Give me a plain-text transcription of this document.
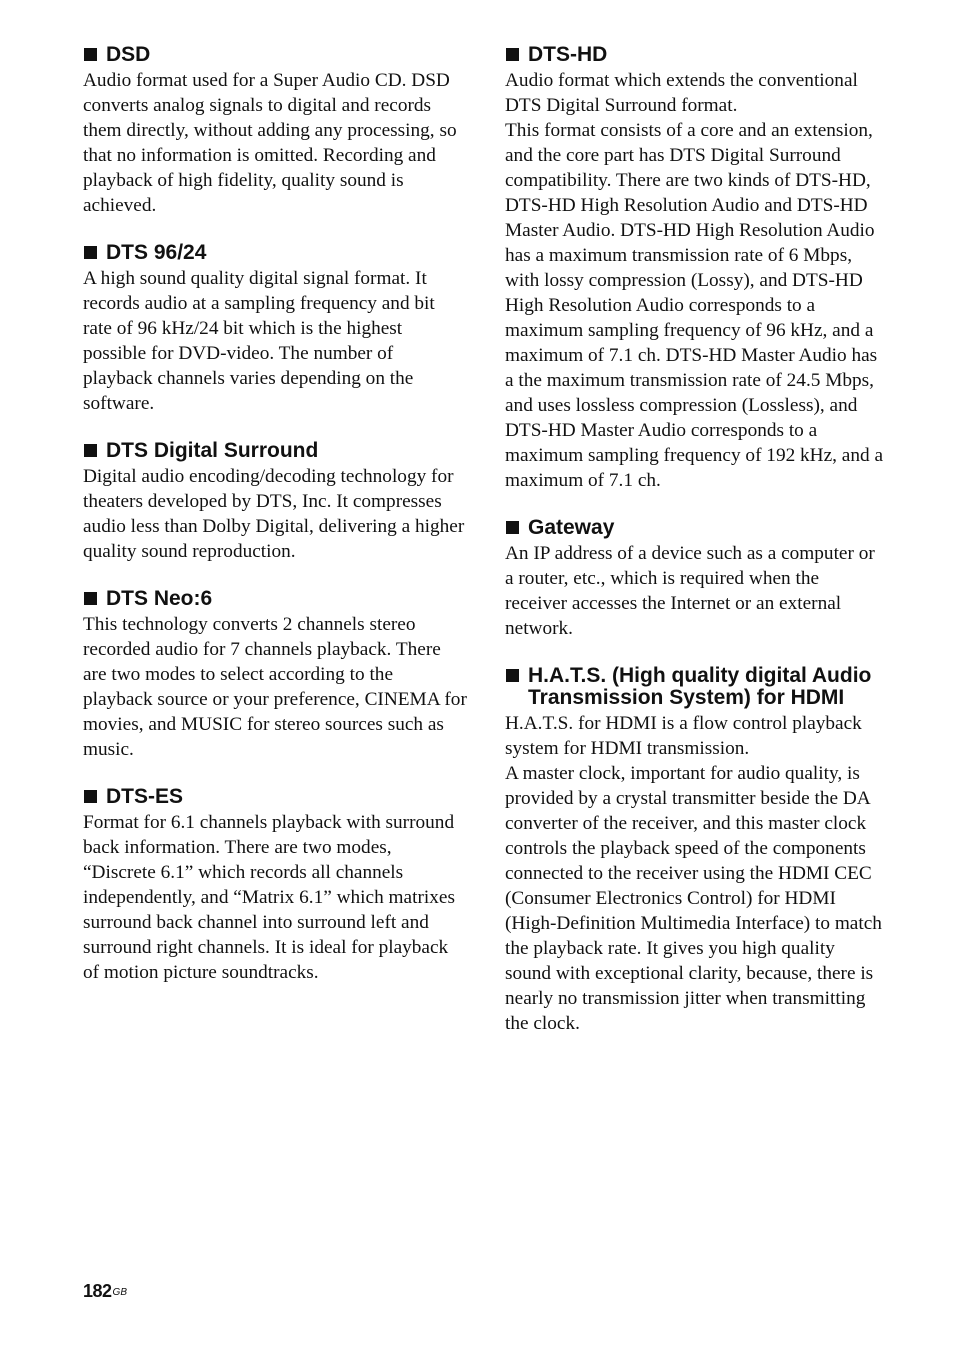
DSD

Audio format used for a Super Audio CD. DSD converts analog signals to digital and records them directly, without adding any processing, so that no information is omitted. Recording and playback of high fidelity, quality sound is achieved.

DTS 96/24

A high sound quality digital signal format. It records audio at a sampling frequency and bit rate of 96 kHz/24 bit which is the highest possible for DVD-video. The number of playback channels varies depending on the software.

DTS Digital Surround

Digital audio encoding/decoding technology for theaters developed by DTS, Inc. It compresses audio less than Dolby Digital, delivering a higher quality sound reproduction.

DTS Neo:6

This technology converts 2 channels stereo recorded audio for 7 channels playback. There are two modes to select according to the playback source or your preference, CINEMA for movies, and MUSIC for stereo sources such as music.

DTS-ES

Format for 6.1 channels playback with surround back information. There are two modes, “Discrete 6.1” which records all channels independently, and “Matrix 6.1” which matrixes surround back channel into surround left and surround right channels. It is ideal for playback of motion picture soundtracks.

DTS-HD

Audio format which extends the conventional DTS Digital Surround format.

This format consists of a core and an extension, and the core part has DTS Digital Surround compatibility. There are two kinds of DTS-HD, DTS-HD High Resolution Audio and DTS-HD Master Audio. DTS-HD High Resolution Audio has a maximum transmission rate of 6 Mbps, with lossy compression (Lossy), and DTS-HD High Resolution Audio corresponds to a maximum sampling frequency of 96 kHz, and a maximum of 7.1 ch. DTS-HD Master Audio has a the maximum transmission rate of 24.5 Mbps, and uses lossless compression (Lossless), and DTS-HD Master Audio corresponds to a maximum sampling frequency of 192 kHz, and a maximum of 7.1 ch.

Gateway

An IP address of a device such as a computer or a router, etc., which is required when the receiver accesses the Internet or an external network.

H.A.T.S. (High quality digital Audio Transmission System) for HDMI

H.A.T.S. for HDMI is a flow control playback system for HDMI transmission.

A master clock, important for audio quality, is provided by a crystal transmitter beside the DA converter of the receiver, and this master clock controls the playback speed of the components connected to the receiver using the HDMI CEC (Consumer Electronics Control) for HDMI (High-Definition Multimedia Interface) to match the playback rate. It gives you high quality sound with exceptional clarity, because, there is nearly no transmission jitter when transmitting the clock.

$182^{GB}$
